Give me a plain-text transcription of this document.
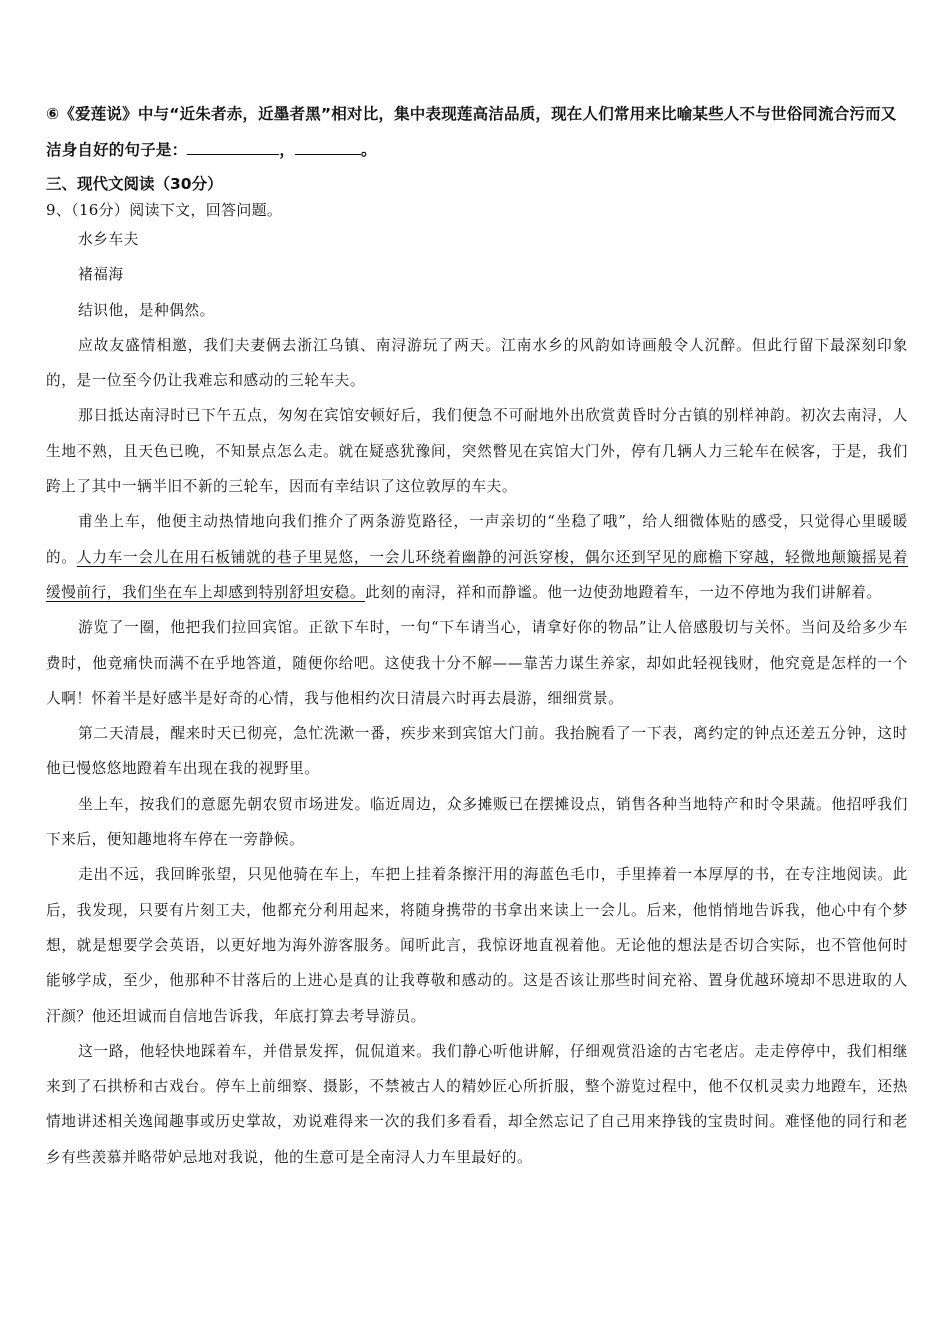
⑥《爱莲说》中与“近朱者赤，近墨者黑”相对比，集中表现莲高洁品质，现在人们常用来比喻某些人不与世俗同流合污而又洁身自好的句子是：	，	。
三、现代文阅读（30分）
9、（16分）阅读下文，回答问题。

水乡车夫

褚福海

结识他，是种偶然。

应故友盛情相邀，我们夫妻俩去浙江乌镇、南浔游玩了两天。江南水乡的风韵如诗画般令人沉醉。但此行留下最深刻印象的，是一位至今仍让我难忘和感动的三轮车夫。

那日抵达南浔时已下午五点，匆匆在宾馆安顿好后，我们便急不可耐地外出欣赏黄昏时分古镇的别样神韵。初次去南浔，人生地不熟，且天色已晚，不知景点怎么走。就在疑惑犹豫间，突然瞥见在宾馆大门外，停有几辆人力三轮车在候客，于是，我们跨上了其中一辆半旧不新的三轮车，因而有幸结识了这位敦厚的车夫。

甫坐上车，他便主动热情地向我们推介了两条游览路径，一声亲切的“坐稳了哦”，给人细微体贴的感受，只觉得心里暖暖的。人力车一会儿在用石板铺就的巷子里晃悠，一会儿环绕着幽静的河浜穿梭，偶尔还到罕见的廊檐下穿越，轻微地颠簸摇晃着缓慢前行，我们坐在车上却感到特别舒坦安稳。此刻的南浔，祥和而静谧。他一边使劲地蹬着车，一边不停地为我们讲解着。

游览了一圈，他把我们拉回宾馆。正欲下车时，一句“下车请当心，请拿好你的物品”让人倍感殷切与关怀。当问及给多少车费时，他竟痛快而满不在乎地答道，随便你给吧。这使我十分不解——靠苦力谋生养家，却如此轻视钱财，他究竟是怎样的一个人啊！怀着半是好感半是好奇的心情，我与他相约次日清晨六时再去晨游，细细赏景。

第二天清晨，醒来时天已彻亮，急忙洗漱一番，疾步来到宾馆大门前。我抬腕看了一下表，离约定的钟点还差五分钟，这时他已慢悠悠地蹬着车出现在我的视野里。

坐上车，按我们的意愿先朝农贸市场进发。临近周边，众多摊贩已在摆摊设点，销售各种当地特产和时令果蔬。他招呼我们下来后，便知趣地将车停在一旁静候。

走出不远，我回眸张望，只见他骑在车上，车把上挂着条擦汗用的海蓝色毛巾，手里捧着一本厚厚的书，在专注地阅读。此后，我发现，只要有片刻工夫，他都充分利用起来，将随身携带的书拿出来读上一会儿。后来，他悄悄地告诉我，他心中有个梦想，就是想要学会英语，以更好地为海外游客服务。闻听此言，我惊讶地直视着他。无论他的想法是否切合实际，也不管他何时能够学成，至少，他那种不甘落后的上进心是真的让我尊敬和感动的。这是否该让那些时间充裕、置身优越环境却不思进取的人汗颜？他还坦诚而自信地告诉我，年底打算去考导游员。

这一路，他轻快地踩着车，并借景发挥，侃侃道来。我们静心听他讲解，仔细观赏沿途的古宅老店。走走停停中，我们相继来到了石拱桥和古戏台。停车上前细察、摄影，不禁被古人的精妙匠心所折服，整个游览过程中，他不仅机灵卖力地蹬车，还热情地讲述相关逸闻趣事或历史掌故，劝说难得来一次的我们多看看，却全然忘记了自己用来挣钱的宝贵时间。难怪他的同行和老乡有些羡慕并略带妒忌地对我说，他的生意可是全南浔人力车里最好的。
